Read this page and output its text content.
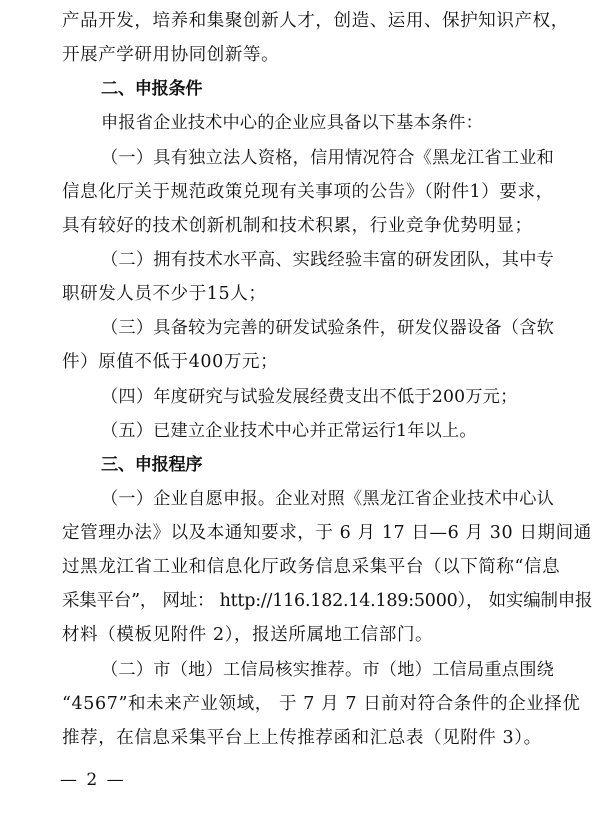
产品开发，培养和集聚创新人才，创造、运用、保护知识产权，
开展产学研用协同创新等。
二、申报条件
申报省企业技术中心的企业应具备以下基本条件：
（一）具有独立法人资格，信用情况符合《黑龙江省工业和
信息化厅关于规范政策兑现有关事项的公告》（附件1）要求，
具有较好的技术创新机制和技术积累，行业竞争优势明显；
（二）拥有技术水平高、实践经验丰富的研发团队，其中专
职研发人员不少于15人；
（三）具备较为完善的研发试验条件，研发仪器设备（含软
件）原值不低于400万元；
（四）年度研究与试验发展经费支出不低于200万元；
（五）已建立企业技术中心并正常运行1年以上。
三、申报程序
（一）企业自愿申报。企业对照《黑龙江省企业技术中心认
定管理办法》以及本通知要求，于 6 月 17 日—6 月 30 日期间通
过黑龙江省工业和信息化厅政务信息采集平台（以下简称“信息
采集平台”， 网址： http://116.182.14.189:5000）， 如实编制申报
材料（模板见附件 2），报送所属地工信部门。
（二）市（地）工信局核实推荐。市（地）工信局重点围绕
“4567”和未来产业领域， 于 7 月 7 日前对符合条件的企业择优
推荐，在信息采集平台上上传推荐函和汇总表（见附件 3）。
— 2 —
